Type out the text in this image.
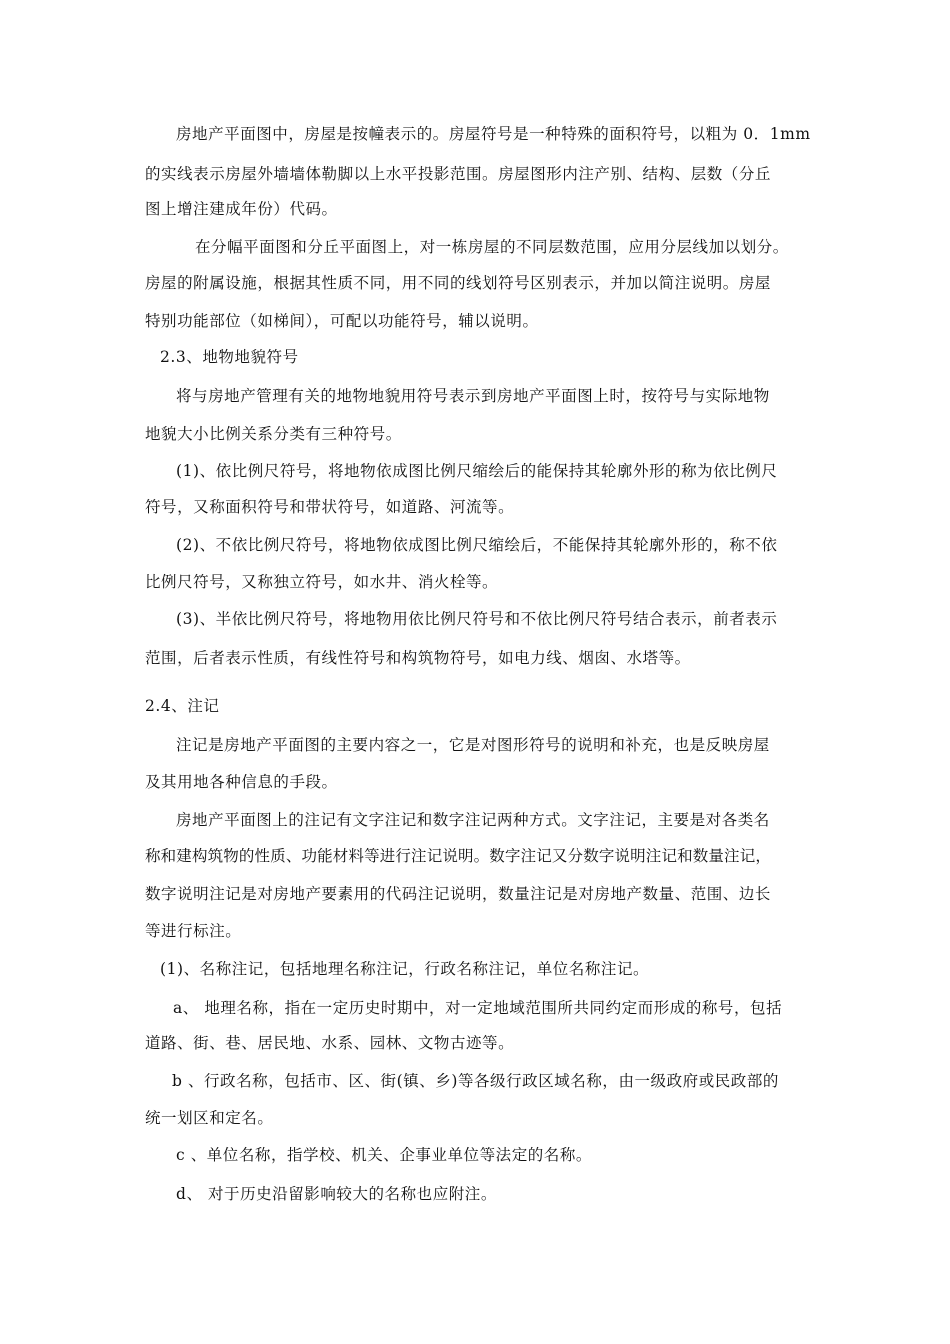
房地产平面图中，房屋是按幢表示的。房屋符号是一种特殊的面积符号，以粗为 0．1mm
的实线表示房屋外墙墙体勒脚以上水平投影范围。房屋图形内注产别、结构、层数（分丘
图上增注建成年份）代码。
在分幅平面图和分丘平面图上，对一栋房屋的不同层数范围，应用分层线加以划分。
房屋的附属设施，根据其性质不同，用不同的线划符号区别表示，并加以简注说明。房屋
特别功能部位（如梯间），可配以功能符号，辅以说明。
2.3、地物地貌符号
将与房地产管理有关的地物地貌用符号表示到房地产平面图上时，按符号与实际地物
地貌大小比例关系分类有三种符号。
(1)、依比例尺符号，将地物依成图比例尺缩绘后的能保持其轮廓外形的称为依比例尺
符号，又称面积符号和带状符号，如道路、河流等。
(2)、不依比例尺符号，将地物依成图比例尺缩绘后，不能保持其轮廓外形的，称不依
比例尺符号，又称独立符号，如水井、消火栓等。
(3)、半依比例尺符号，将地物用依比例尺符号和不依比例尺符号结合表示，前者表示
范围，后者表示性质，有线性符号和构筑物符号，如电力线、烟囱、水塔等。
2.4、注记
注记是房地产平面图的主要内容之一，它是对图形符号的说明和补充，也是反映房屋
及其用地各种信息的手段。
房地产平面图上的注记有文字注记和数字注记两种方式。文字注记，主要是对各类名
称和建构筑物的性质、功能材料等进行注记说明。数字注记又分数字说明注记和数量注记，
数字说明注记是对房地产要素用的代码注记说明，数量注记是对房地产数量、范围、边长
等进行标注。
(1)、名称注记，包括地理名称注记，行政名称注记，单位名称注记。
a、 地理名称，指在一定历史时期中，对一定地域范围所共同约定而形成的称号，包括
道路、街、巷、居民地、水系、园林、文物古迹等。
b 、行政名称，包括市、区、街(镇、乡)等各级行政区域名称，由一级政府或民政部的
统一划区和定名。
c 、单位名称，指学校、机关、企事业单位等法定的名称。
d、 对于历史沿留影响较大的名称也应附注。
